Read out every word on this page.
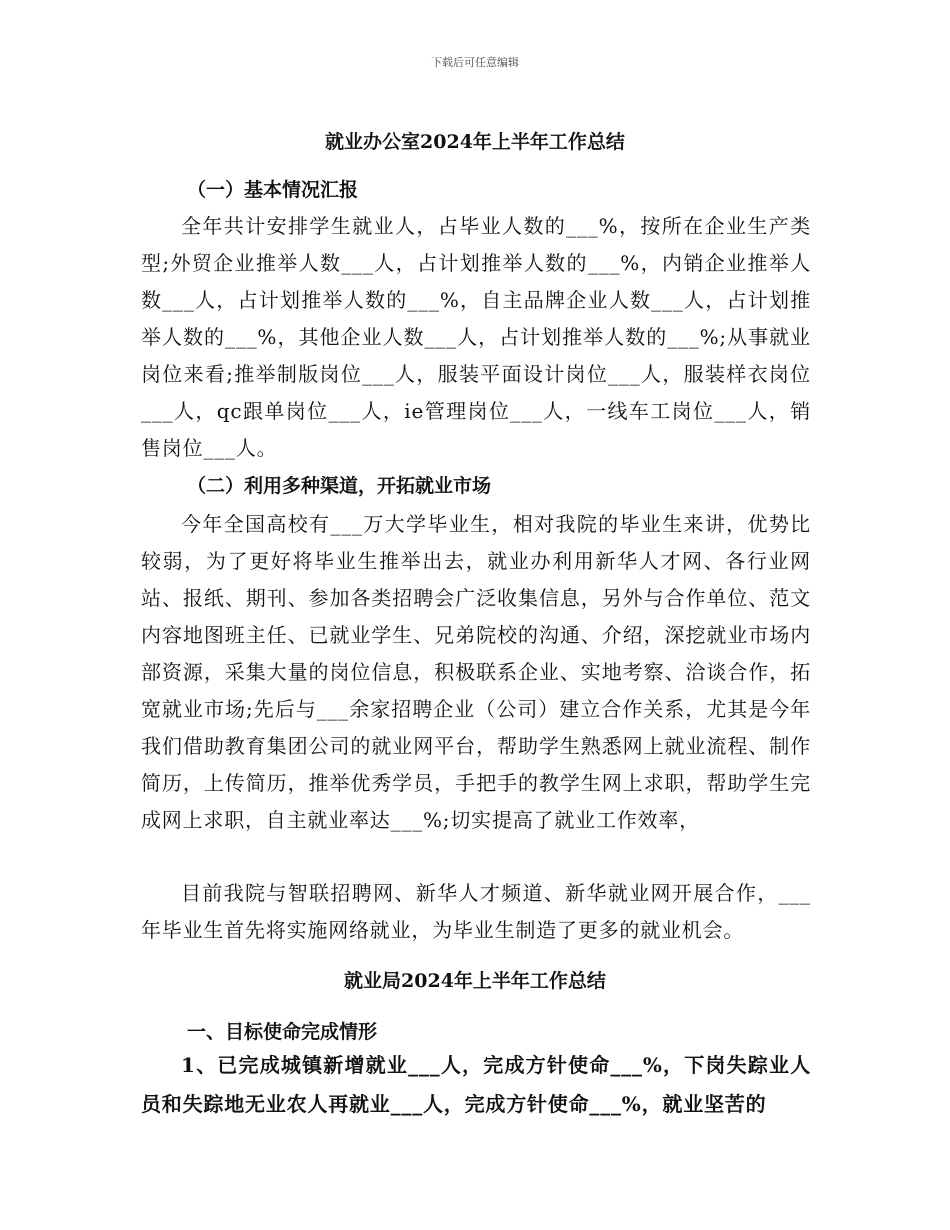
下载后可任意编辑
就业办公室2024年上半年工作总结
（一）基本情况汇报

全年共计安排学生就业人，占毕业人数的___%，按所在企业生产类型;外贸企业推举人数___人，占计划推举人数的___%，内销企业推举人数___人，占计划推举人数的___%，自主品牌企业人数___人，占计划推举人数的___%，其他企业人数___人，占计划推举人数的___%;从事就业岗位来看;推举制版岗位___人，服装平面设计岗位___人，服装样衣岗位___人，qc跟单岗位___人，ie管理岗位___人，一线车工岗位___人，销售岗位___人。

（二）利用多种渠道，开拓就业市场

今年全国高校有___万大学毕业生，相对我院的毕业生来讲，优势比较弱，为了更好将毕业生推举出去，就业办利用新华人才网、各行业网站、报纸、期刊、参加各类招聘会广泛收集信息，另外与合作单位、范文内容地图班主任、已就业学生、兄弟院校的沟通、介绍，深挖就业市场内部资源，采集大量的岗位信息，积极联系企业、实地考察、洽谈合作，拓宽就业市场;先后与___余家招聘企业（公司）建立合作关系，尤其是今年我们借助教育集团公司的就业网平台，帮助学生熟悉网上就业流程、制作简历，上传简历，推举优秀学员，手把手的教学生网上求职，帮助学生完成网上求职，自主就业率达___%;切实提高了就业工作效率，

目前我院与智联招聘网、新华人才频道、新华就业网开展合作，___年毕业生首先将实施网络就业，为毕业生制造了更多的就业机会。

就业局2024年上半年工作总结
一、目标使命完成情形

1、已完成城镇新增就业___人，完成方针使命___%，下岗失踪业人员和失踪地无业农人再就业___人，完成方针使命___%，就业坚苦的
